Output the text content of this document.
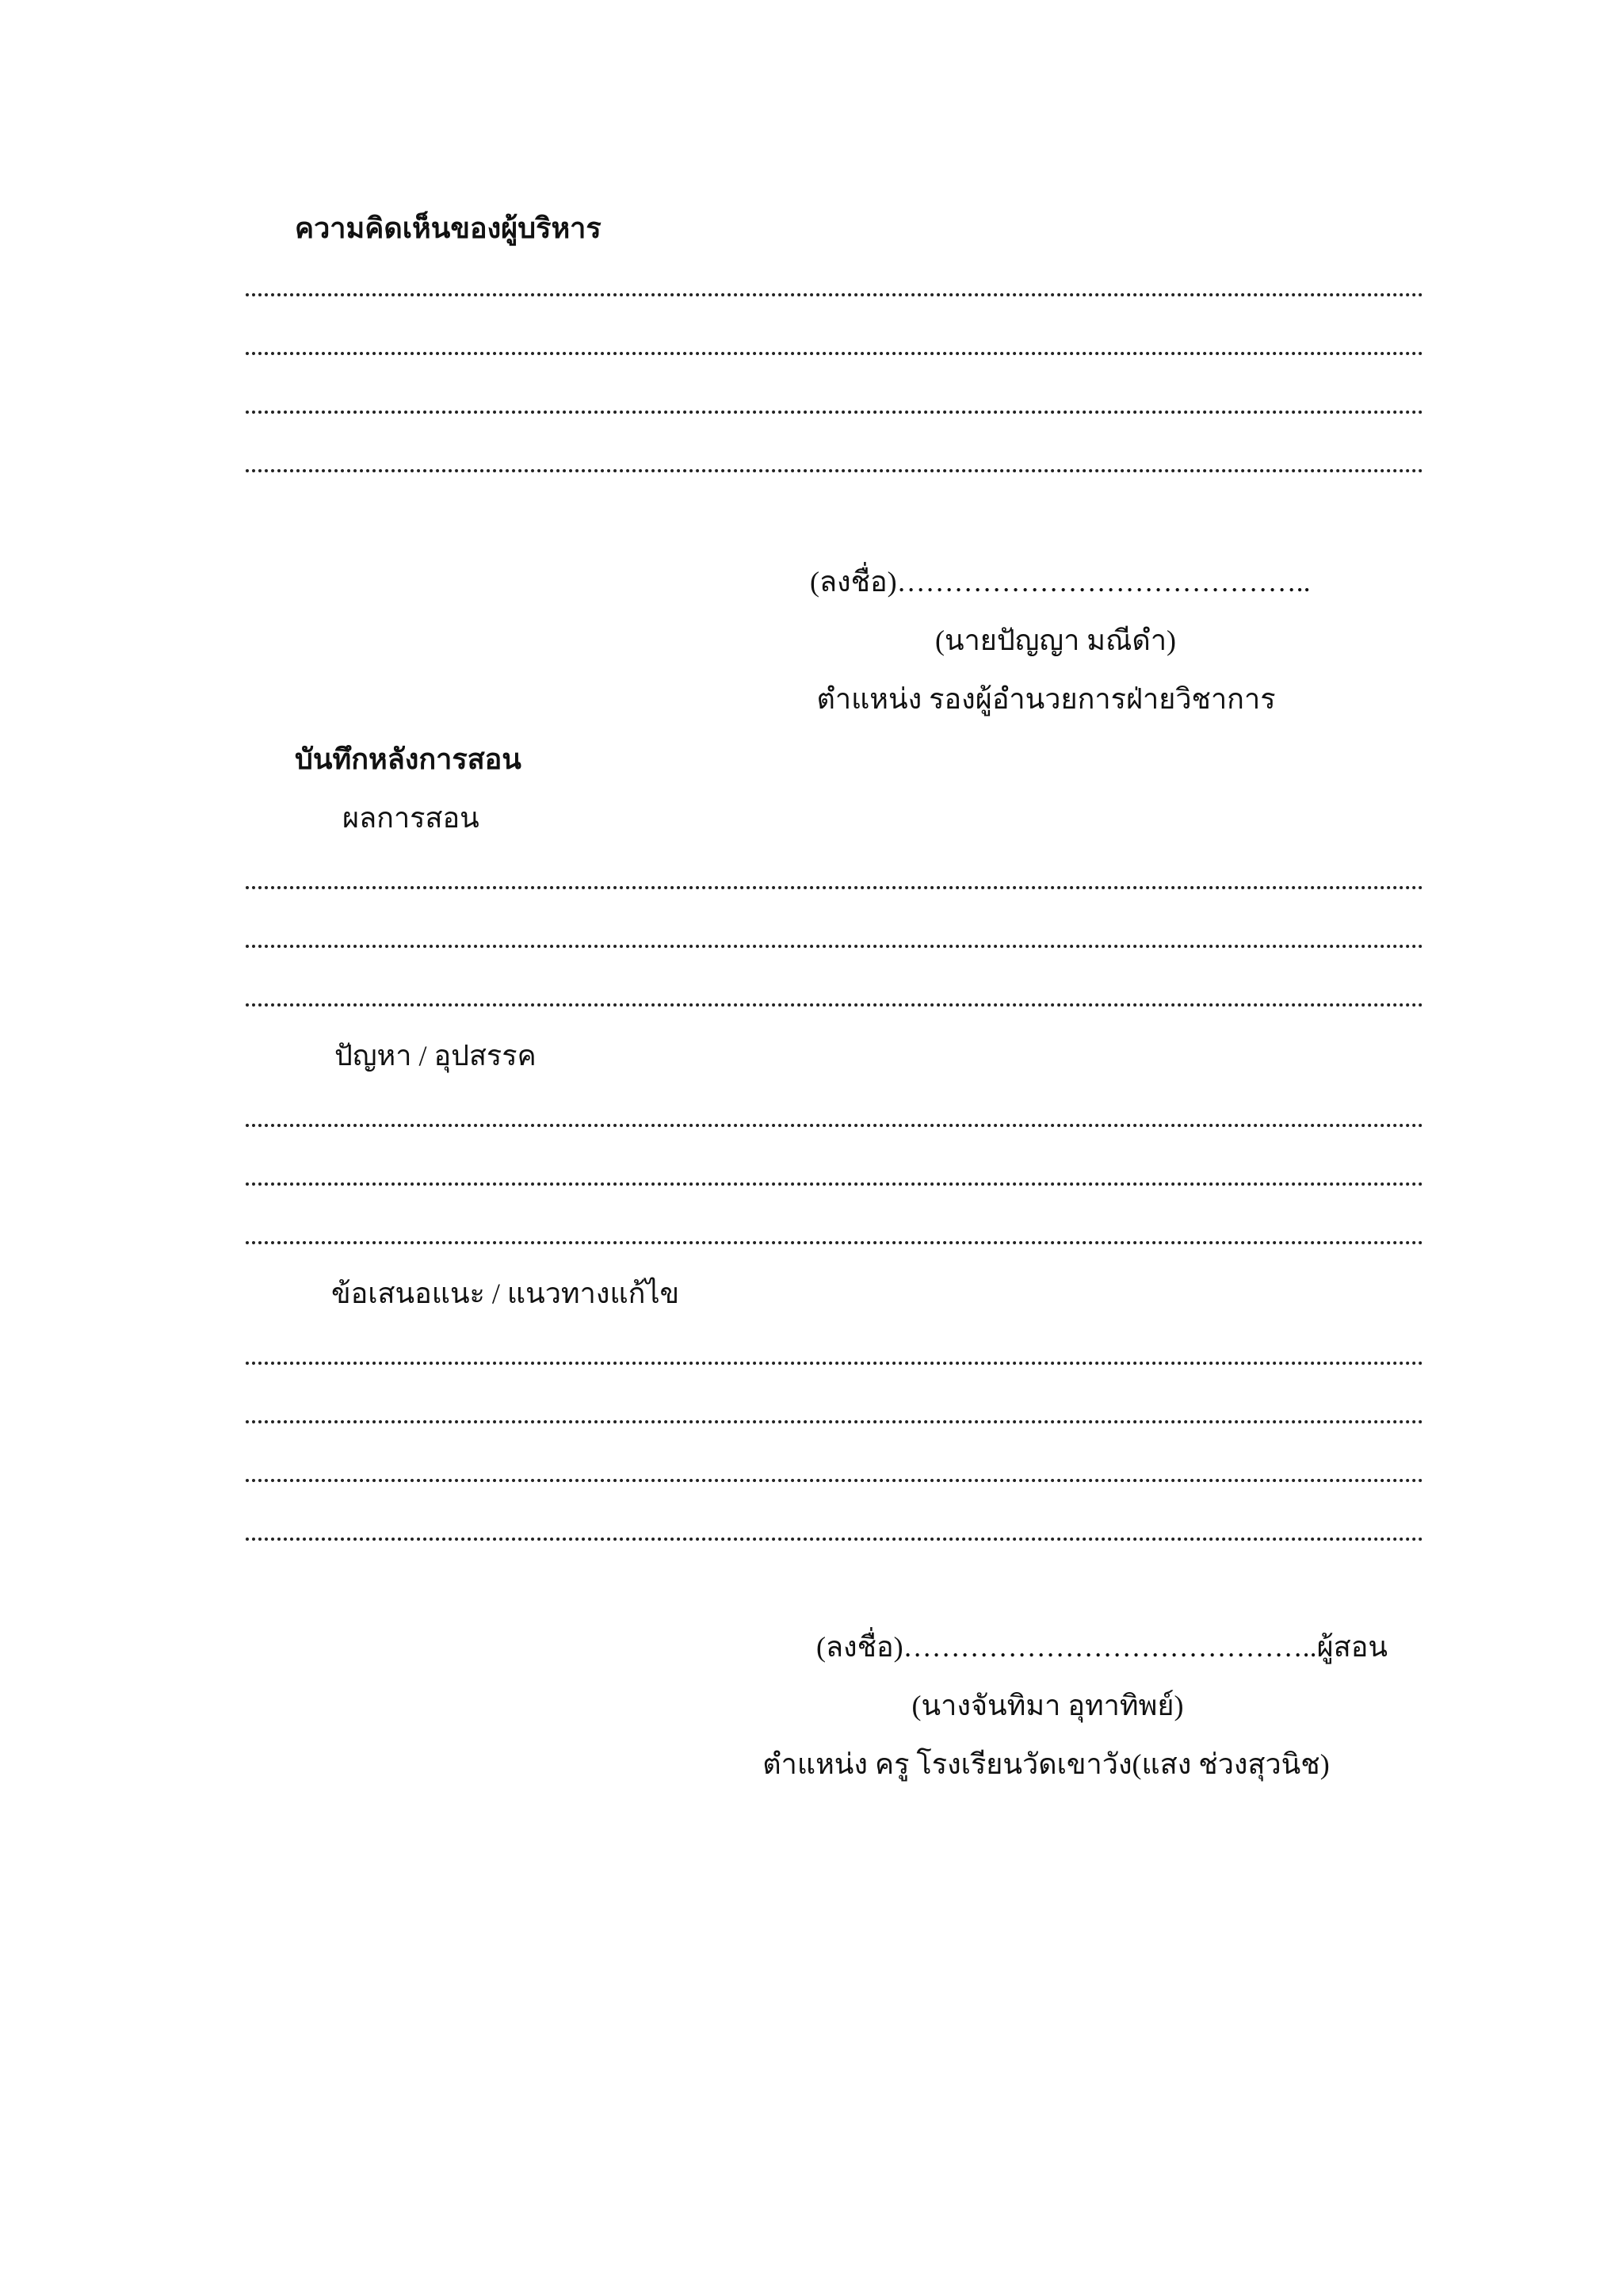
ความคิดเห็นของผู้บริหาร
(ลงชื่อ)……………………………………..
(นายปัญญา มณีดำ)
ตำแหน่ง รองผู้อำนวยการฝ่ายวิชาการ
บันทึกหลังการสอน
ผลการสอน
ปัญหา / อุปสรรค
ข้อเสนอแนะ / แนวทางแก้ไข
(ลงชื่อ)……………………………………..ผู้สอน
(นางจันทิมา อุทาทิพย์)
ตำแหน่ง ครู โรงเรียนวัดเขาวัง(แสง ช่วงสุวนิช)
